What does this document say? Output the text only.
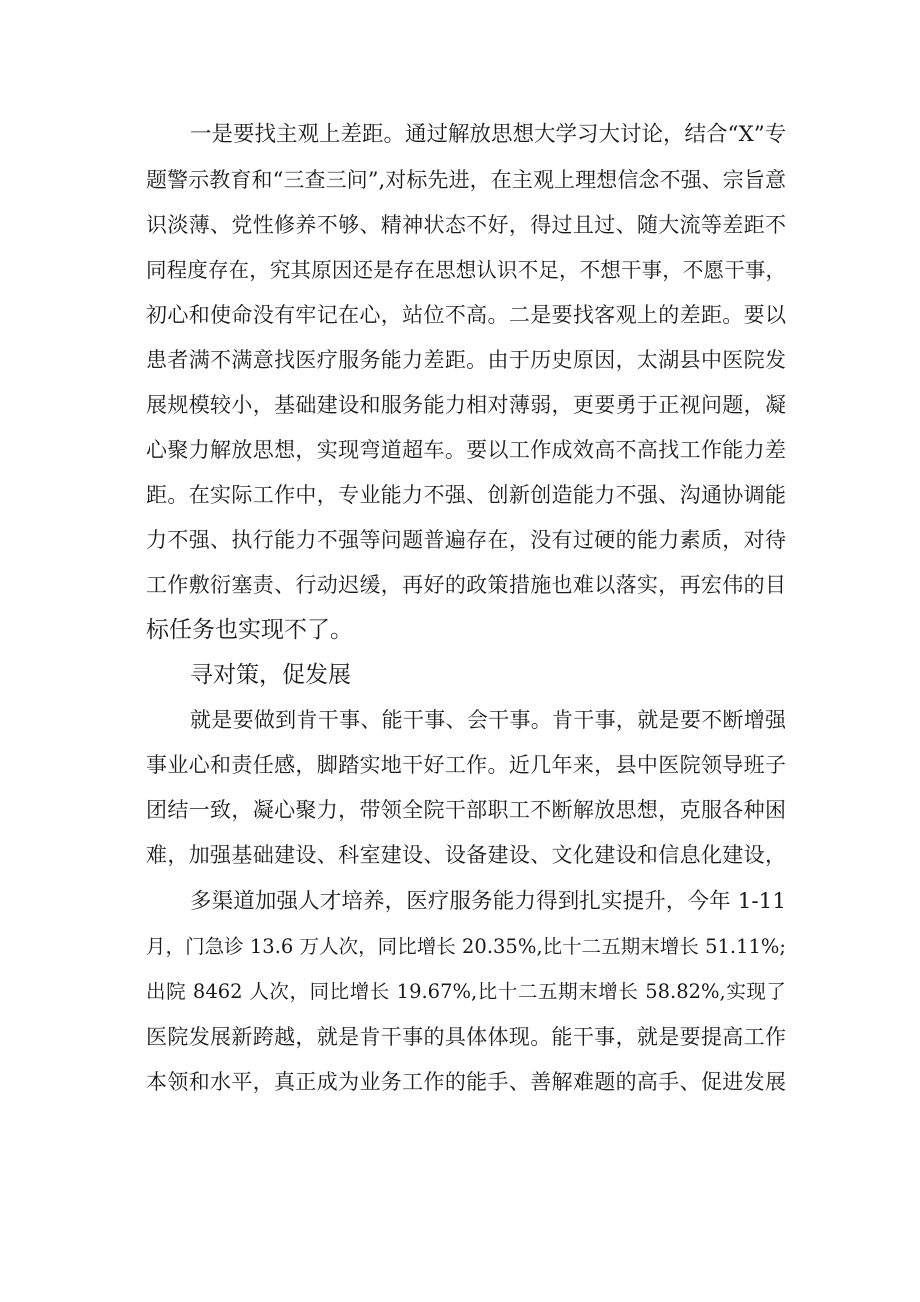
一是要找主观上差距。通过解放思想大学习大讨论，结合“X”专
题警示教育和“三查三问”,对标先进，在主观上理想信念不强、宗旨意
识淡薄、党性修养不够、精神状态不好，得过且过、随大流等差距不
同程度存在，究其原因还是存在思想认识不足，不想干事，不愿干事，
初心和使命没有牢记在心，站位不高。二是要找客观上的差距。要以
患者满不满意找医疗服务能力差距。由于历史原因，太湖县中医院发
展规模较小，基础建设和服务能力相对薄弱，更要勇于正视问题，凝
心聚力解放思想，实现弯道超车。要以工作成效高不高找工作能力差
距。在实际工作中，专业能力不强、创新创造能力不强、沟通协调能
力不强、执行能力不强等问题普遍存在，没有过硬的能力素质，对待
工作敷衍塞责、行动迟缓，再好的政策措施也难以落实，再宏伟的目
标任务也实现不了。
寻对策，促发展
就是要做到肯干事、能干事、会干事。肯干事，就是要不断增强
事业心和责任感，脚踏实地干好工作。近几年来，县中医院领导班子
团结一致，凝心聚力，带领全院干部职工不断解放思想，克服各种困
难，加强基础建设、科室建设、设备建设、文化建设和信息化建设，
多渠道加强人才培养，医疗服务能力得到扎实提升，今年 1-11
月，门急诊 13.6 万人次，同比增长 20.35%,比十二五期末增长 51.11%;
出院 8462 人次，同比增长 19.67%,比十二五期末增长 58.82%,实现了
医院发展新跨越，就是肯干事的具体体现。能干事，就是要提高工作
本领和水平，真正成为业务工作的能手、善解难题的高手、促进发展
